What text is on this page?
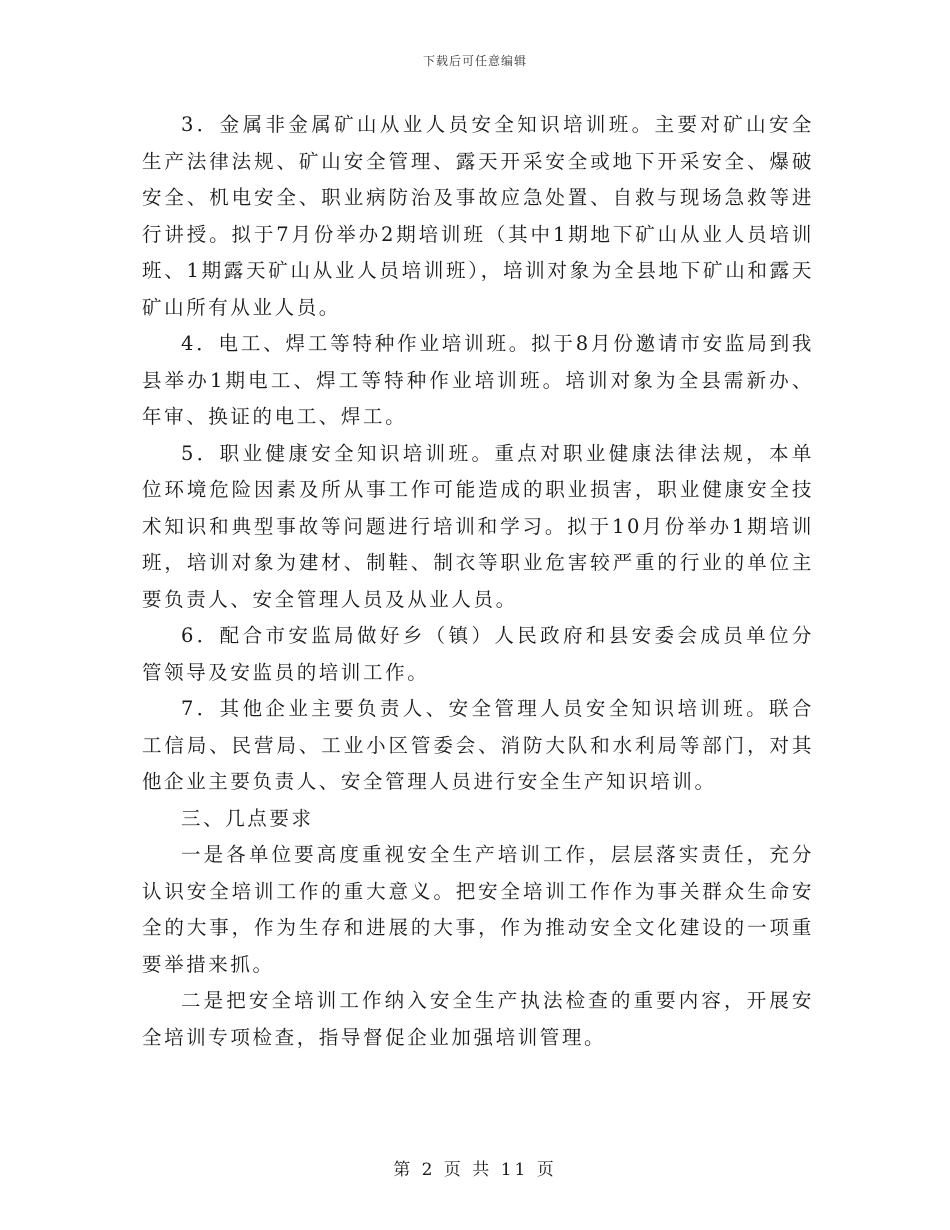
下载后可任意编辑

3．金属非金属矿山从业人员安全知识培训班。主要对矿山安全生产法律法规、矿山安全管理、露天开采安全或地下开采安全、爆破安全、机电安全、职业病防治及事故应急处置、自救与现场急救等进行讲授。拟于7月份举办2期培训班（其中1期地下矿山从业人员培训班、1期露天矿山从业人员培训班），培训对象为全县地下矿山和露天矿山所有从业人员。

4．电工、焊工等特种作业培训班。拟于8月份邀请市安监局到我县举办1期电工、焊工等特种作业培训班。培训对象为全县需新办、年审、换证的电工、焊工。

5．职业健康安全知识培训班。重点对职业健康法律法规，本单位环境危险因素及所从事工作可能造成的职业损害，职业健康安全技术知识和典型事故等问题进行培训和学习。拟于10月份举办1期培训班，培训对象为建材、制鞋、制衣等职业危害较严重的行业的单位主要负责人、安全管理人员及从业人员。

6．配合市安监局做好乡（镇）人民政府和县安委会成员单位分管领导及安监员的培训工作。

7．其他企业主要负责人、安全管理人员安全知识培训班。联合工信局、民营局、工业小区管委会、消防大队和水利局等部门，对其他企业主要负责人、安全管理人员进行安全生产知识培训。

三、几点要求

一是各单位要高度重视安全生产培训工作，层层落实责任，充分认识安全培训工作的重大意义。把安全培训工作作为事关群众生命安全的大事，作为生存和进展的大事，作为推动安全文化建设的一项重要举措来抓。

二是把安全培训工作纳入安全生产执法检查的重要内容，开展安全培训专项检查，指导督促企业加强培训管理。

第 2 页 共 11 页
